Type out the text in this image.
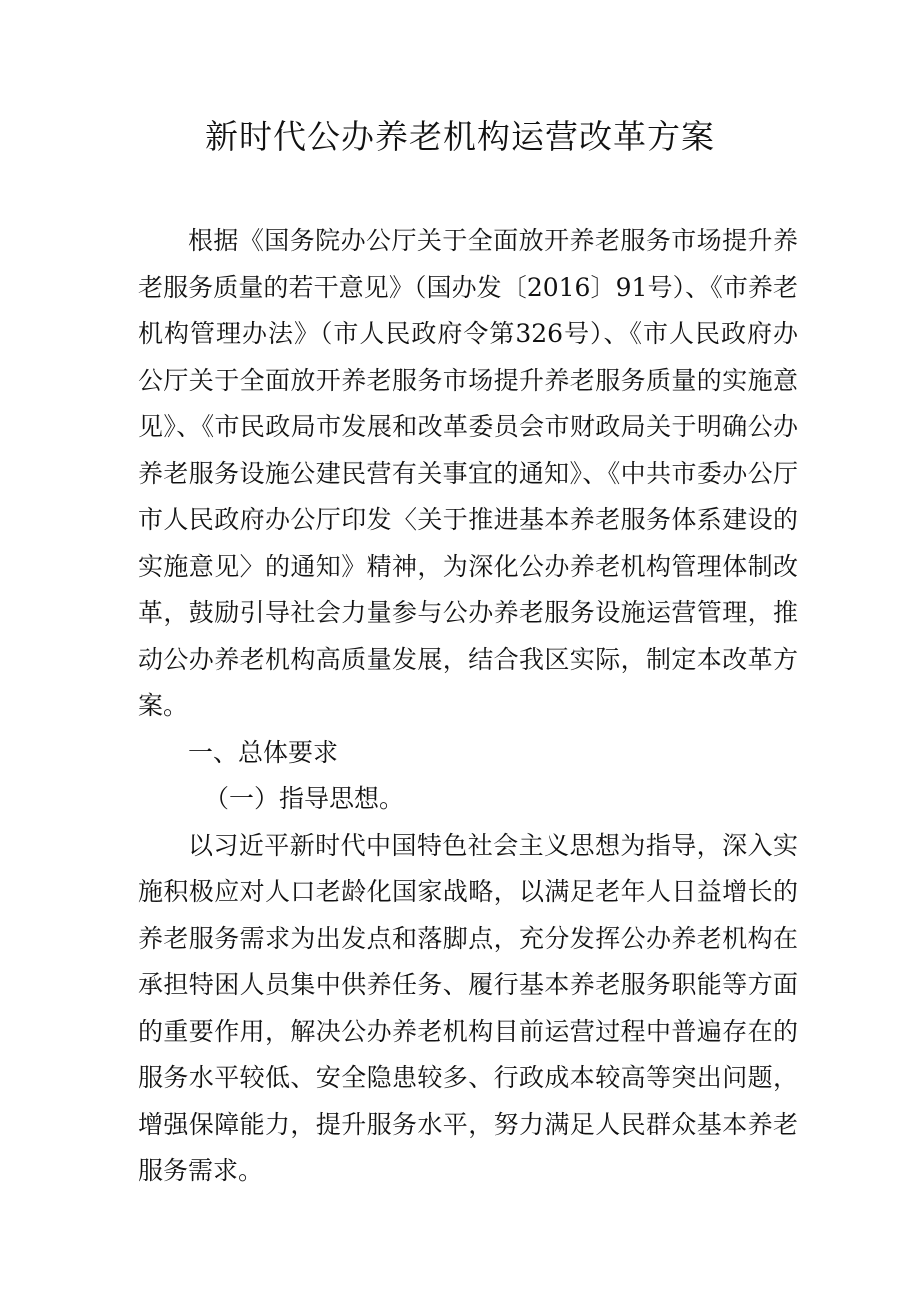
新时代公办养老机构运营改革方案

根据《国务院办公厅关于全面放开养老服务市场提升养老服务质量的若干意见》（国办发〔2016〕91号）、《市养老机构管理办法》（市人民政府令第326号）、《市人民政府办公厅关于全面放开养老服务市场提升养老服务质量的实施意见》、《市民政局市发展和改革委员会市财政局关于明确公办养老服务设施公建民营有关事宜的通知》、《中共市委办公厅市人民政府办公厅印发〈关于推进基本养老服务体系建设的实施意见〉的通知》精神，为深化公办养老机构管理体制改革，鼓励引导社会力量参与公办养老服务设施运营管理，推动公办养老机构高质量发展，结合我区实际，制定本改革方案。

一、总体要求

（一）指导思想。

以习近平新时代中国特色社会主义思想为指导，深入实施积极应对人口老龄化国家战略，以满足老年人日益增长的养老服务需求为出发点和落脚点，充分发挥公办养老机构在承担特困人员集中供养任务、履行基本养老服务职能等方面的重要作用，解决公办养老机构目前运营过程中普遍存在的服务水平较低、安全隐患较多、行政成本较高等突出问题，增强保障能力，提升服务水平，努力满足人民群众基本养老服务需求。
